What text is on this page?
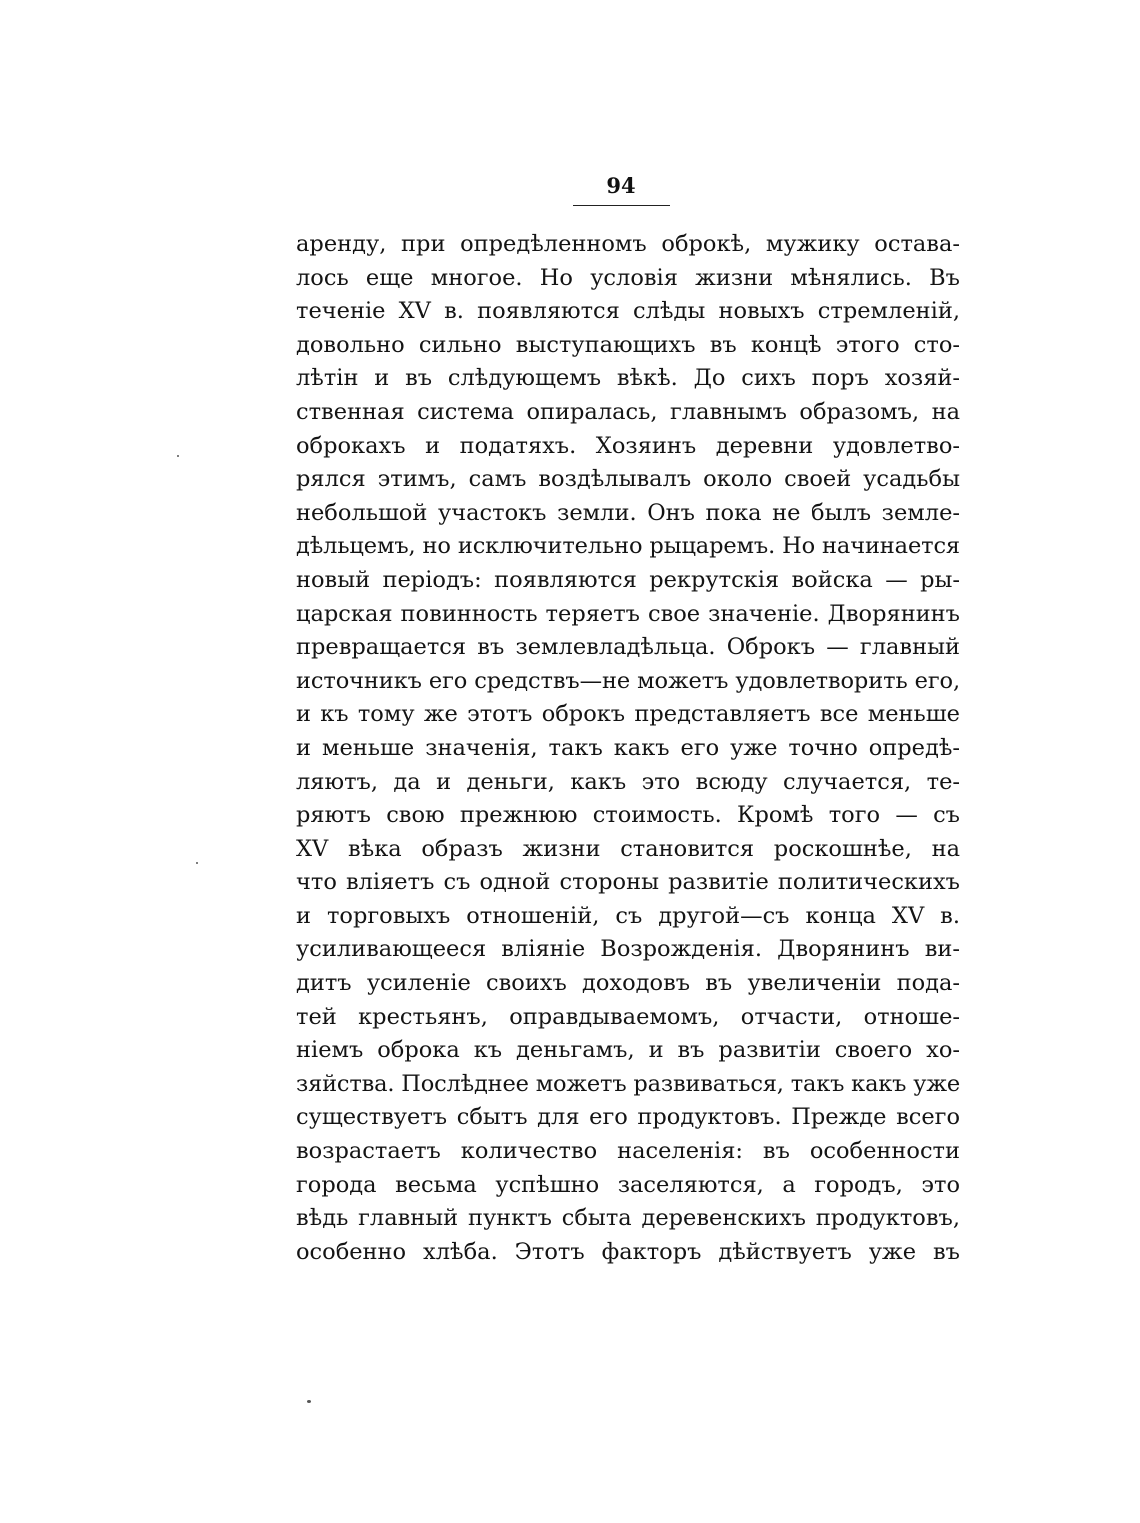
94
аренду, при опредѣленномъ оброкѣ, мужику остава-
лось еще многое. Но условія жизни мѣнялись. Въ
теченіе XV в. появляются слѣды новыхъ стремленій,
довольно сильно выступающихъ въ концѣ этого сто-
лѣтін и въ слѣдующемъ вѣкѣ. До сихъ поръ хозяй-
ственная система опиралась, главнымъ образомъ, на
оброкахъ и податяхъ. Хозяинъ деревни удовлетво-
рялся этимъ, самъ воздѣлывалъ около своей усадьбы
небольшой участокъ земли. Онъ пока не былъ земле-
дѣльцемъ, но исключительно рыцаремъ. Но начинается
новый періодъ: появляются рекрутскія войска — ры-
царская повинность теряетъ свое значеніе. Дворянинъ
превращается въ землевладѣльца. Оброкъ — главный
источникъ его средствъ—не можетъ удовлетворить его,
и къ тому же этотъ оброкъ представляетъ все меньше
и меньше значенія, такъ какъ его уже точно опредѣ-
ляютъ, да и деньги, какъ это всюду случается, те-
ряютъ свою прежнюю стоимость. Кромѣ того — съ
XV вѣка образъ жизни становится роскошнѣе, на
что вліяетъ съ одной стороны развитіе политическихъ
и торговыхъ отношеній, съ другой—съ конца XV в.
усиливающееся вліяніе Возрожденія. Дворянинъ ви-
дитъ усиленіе своихъ доходовъ въ увеличеніи пода-
тей крестьянъ, оправдываемомъ, отчасти, отноше-
ніемъ оброка къ деньгамъ, и въ развитіи своего хо-
зяйства. Послѣднее можетъ развиваться, такъ какъ уже
существуетъ сбытъ для его продуктовъ. Прежде всего
возрастаетъ количество населенія: въ особенности
города весьма успѣшно заселяются, а городъ, это
вѣдь главный пунктъ сбыта деревенскихъ продуктовъ,
особенно хлѣба. Этотъ факторъ дѣйствуетъ уже въ
